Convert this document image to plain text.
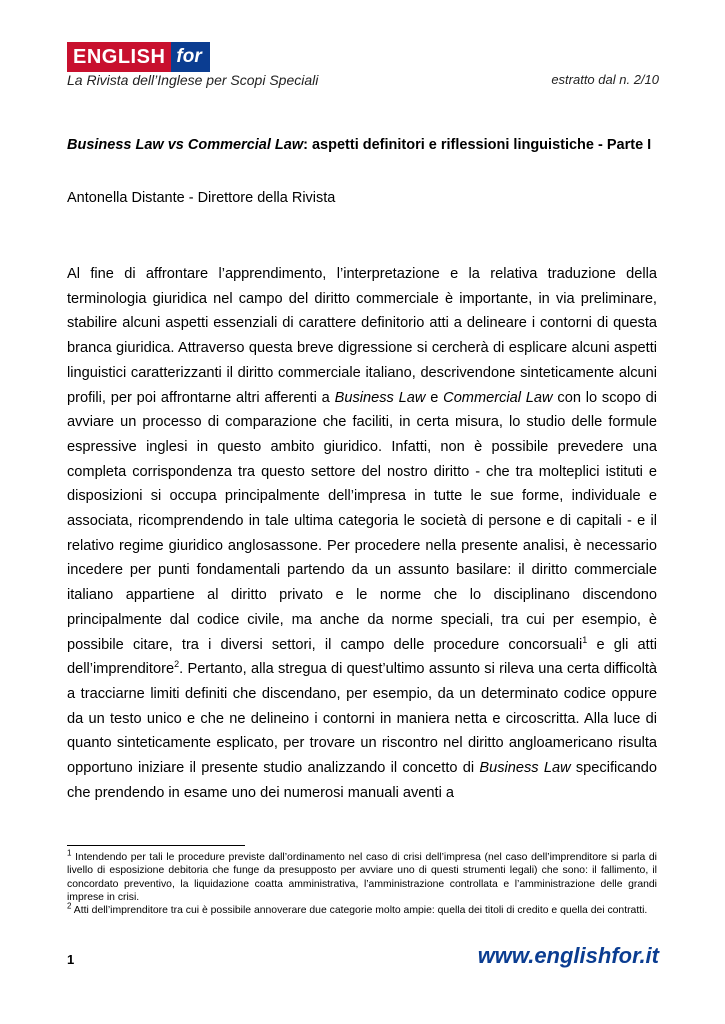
ENGLISH for
La Rivista dell’Inglese per Scopi Speciali	estratto dal n. 2/10
Business Law vs Commercial Law: aspetti definitori e riflessioni linguistiche - Parte I
Antonella Distante - Direttore della Rivista
Al fine di affrontare l’apprendimento, l’interpretazione e la relativa traduzione della terminologia giuridica nel campo del diritto commerciale è importante, in via preliminare, stabilire alcuni aspetti essenziali di carattere definitorio atti a delineare i contorni di questa branca giuridica. Attraverso questa breve digressione si cercherà di esplicare alcuni aspetti linguistici caratterizzanti il diritto commerciale italiano, descrivendone sinteticamente alcuni profili, per poi affrontarne altri afferenti a Business Law e Commercial Law con lo scopo di avviare un processo di comparazione che faciliti, in certa misura, lo studio delle formule espressive inglesi in questo ambito giuridico. Infatti, non è possibile prevedere una completa corrispondenza tra questo settore del nostro diritto - che tra molteplici istituti e disposizioni si occupa principalmente dell’impresa in tutte le sue forme, individuale e associata, ricomprendendo in tale ultima categoria le società di persone e di capitali - e il relativo regime giuridico anglosassone. Per procedere nella presente analisi, è necessario incedere per punti fondamentali partendo da un assunto basilare: il diritto commerciale italiano appartiene al diritto privato e le norme che lo disciplinano discendono principalmente dal codice civile, ma anche da norme speciali, tra cui per esempio, è possibile citare, tra i diversi settori, il campo delle procedure concorsuali$^1$ e gli atti dell’imprenditore$^2$. Pertanto, alla stregua di quest’ultimo assunto si rileva una certa difficoltà a tracciarne limiti definiti che discendano, per esempio, da un determinato codice oppure da un testo unico e che ne delineino i contorni in maniera netta e circoscritta. Alla luce di quanto sinteticamente esplicato, per trovare un riscontro nel diritto angloamericano risulta opportuno iniziare il presente studio analizzando il concetto di Business Law specificando che prendendo in esame uno dei numerosi manuali aventi a

$^1$ Intendendo per tali le procedure previste dall’ordinamento nel caso di crisi dell’impresa (nel caso dell’imprenditore si parla di livello di esposizione debitoria che funge da presupposto per avviare uno di questi strumenti legali) che sono: il fallimento, il concordato preventivo, la liquidazione coatta amministrativa, l’amministrazione controllata e l’amministrazione delle grandi imprese in crisi.

$^2$ Atti dell’imprenditore tra cui è possibile annoverare due categorie molto ampie: quella dei titoli di credito e quella dei contratti.

1	www.englishfor.it
